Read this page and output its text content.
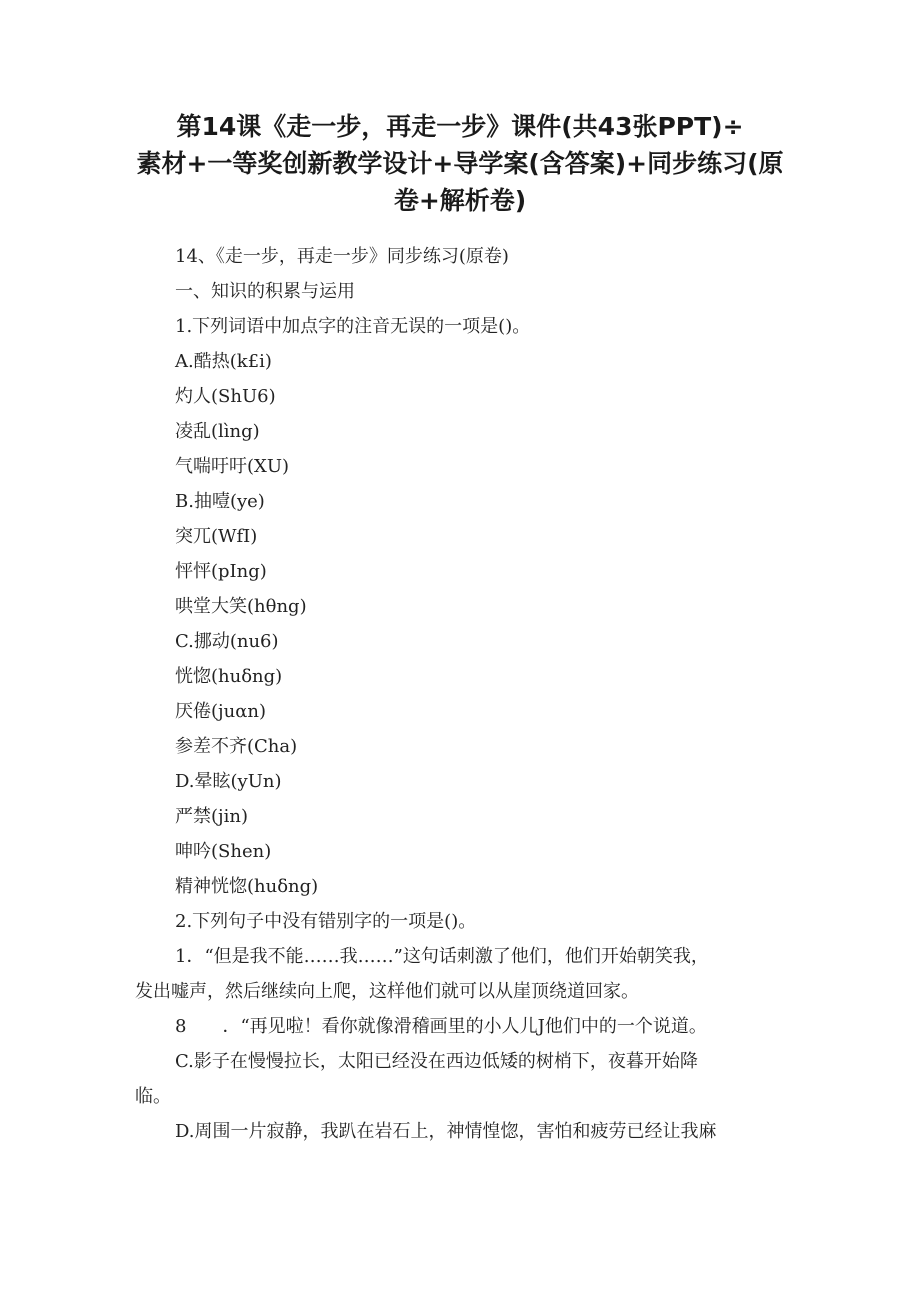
第14课《走一步，再走一步》课件(共43张PPT)÷
素材+一等奖创新教学设计+导学案(含答案)+同步练习(原
卷+解析卷)
14、《走一步，再走一步》同步练习(原卷)
一、知识的积累与运用
1.下列词语中加点字的注音无误的一项是()。
A.酷热(k£i)
灼人(ShU6)
凌乱(lìng)
气喘吁吁(XU)
B.抽噎(ye)
突兀(WfI)
怦怦(pIng)
哄堂大笑(hθng)
C.挪动(nu6)
恍惚(huδng)
厌倦(juαn)
参差不齐(Cha)
D.晕眩(yUn)
严禁(jin)
呻吟(Shen)
精神恍惚(huδng)
2.下列句子中没有错别字的一项是()。
1．“但是我不能……我……”这句话刺激了他们，他们开始朝笑我，
发出嘘声，然后继续向上爬，这样他们就可以从崖顶绕道回家。
8　　．“再见啦！看你就像滑稽画里的小人儿J他们中的一个说道。
C.影子在慢慢拉长，太阳已经没在西边低矮的树梢下，夜暮开始降
临。
D.周围一片寂静，我趴在岩石上，神情惶惚，害怕和疲劳已经让我麻
